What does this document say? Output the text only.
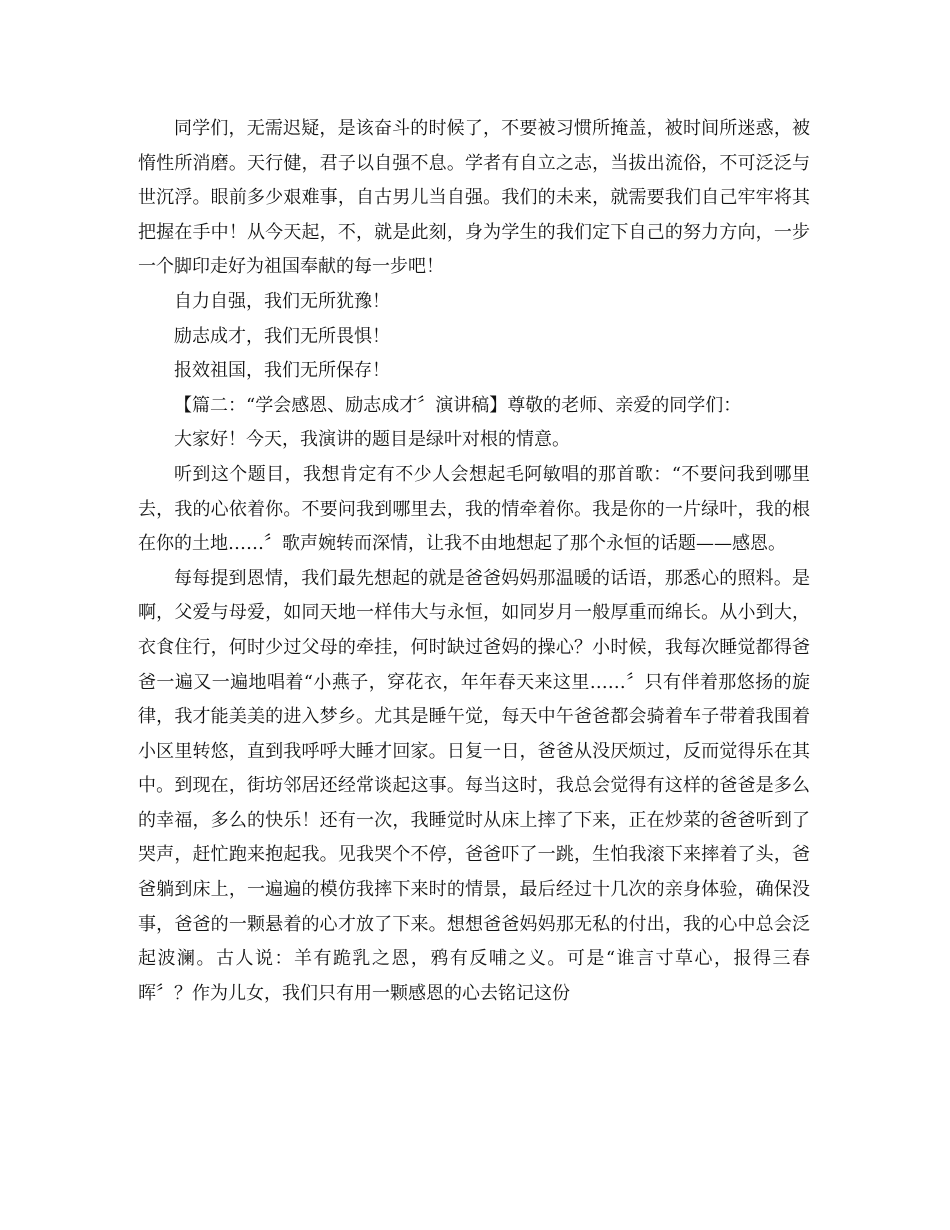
同学们，无需迟疑，是该奋斗的时候了，不要被习惯所掩盖，被时间所迷惑，被惰性所消磨。天行健，君子以自强不息。学者有自立之志，当拔出流俗，不可泛泛与世沉浮。眼前多少艰难事，自古男儿当自强。我们的未来，就需要我们自己牢牢将其把握在手中！从今天起，不，就是此刻，身为学生的我们定下自己的努力方向，一步一个脚印走好为祖国奉献的每一步吧！

自力自强，我们无所犹豫！

励志成才，我们无所畏惧！

报效祖国，我们无所保存！

【篇二：“学会感恩、励志成才〞演讲稿】尊敬的老师、亲爱的同学们：

大家好！今天，我演讲的题目是绿叶对根的情意。

听到这个题目，我想肯定有不少人会想起毛阿敏唱的那首歌：“不要问我到哪里去，我的心依着你。不要问我到哪里去，我的情牵着你。我是你的一片绿叶，我的根在你的土地……〞歌声婉转而深情，让我不由地想起了那个永恒的话题——感恩。

每每提到恩情，我们最先想起的就是爸爸妈妈那温暖的话语，那悉心的照料。是啊，父爱与母爱，如同天地一样伟大与永恒，如同岁月一般厚重而绵长。从小到大，衣食住行，何时少过父母的牵挂，何时缺过爸妈的操心？小时候，我每次睡觉都得爸爸一遍又一遍地唱着“小燕子，穿花衣，年年春天来这里……〞只有伴着那悠扬的旋律，我才能美美的进入梦乡。尤其是睡午觉，每天中午爸爸都会骑着车子带着我围着小区里转悠，直到我呼呼大睡才回家。日复一日，爸爸从没厌烦过，反而觉得乐在其中。到现在，街坊邻居还经常谈起这事。每当这时，我总会觉得有这样的爸爸是多么的幸福，多么的快乐！还有一次，我睡觉时从床上摔了下来，正在炒菜的爸爸听到了哭声，赶忙跑来抱起我。见我哭个不停，爸爸吓了一跳，生怕我滚下来摔着了头，爸爸躺到床上，一遍遍的模仿我摔下来时的情景，最后经过十几次的亲身体验，确保没事，爸爸的一颗悬着的心才放了下来。想想爸爸妈妈那无私的付出，我的心中总会泛起波澜。古人说：羊有跪乳之恩，鸦有反哺之义。可是“谁言寸草心，报得三春晖〞？作为儿女，我们只有用一颗感恩的心去铭记这份
